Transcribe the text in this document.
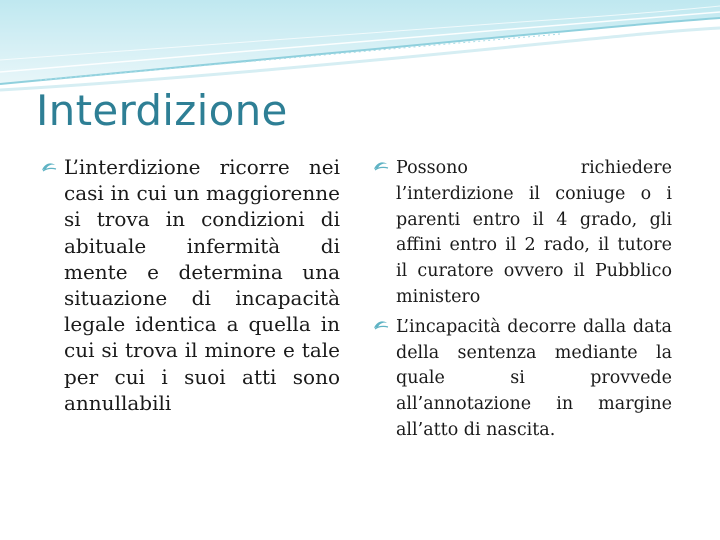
Interdizione

L’interdizione ricorre nei casi in cui un maggiorenne si trova in condizioni di abituale infermità di mente e determina una situazione di incapacità legale identica a quella in cui si trova il minore e tale per cui i suoi atti sono annullabili

Possono richiedere l’interdizione il coniuge o i parenti entro il 4 grado, gli affini entro il 2 rado, il tutore il curatore ovvero il Pubblico ministero

L’incapacità decorre dalla data della sentenza mediante la quale si provvede all’annotazione in margine all’atto di nascita.
